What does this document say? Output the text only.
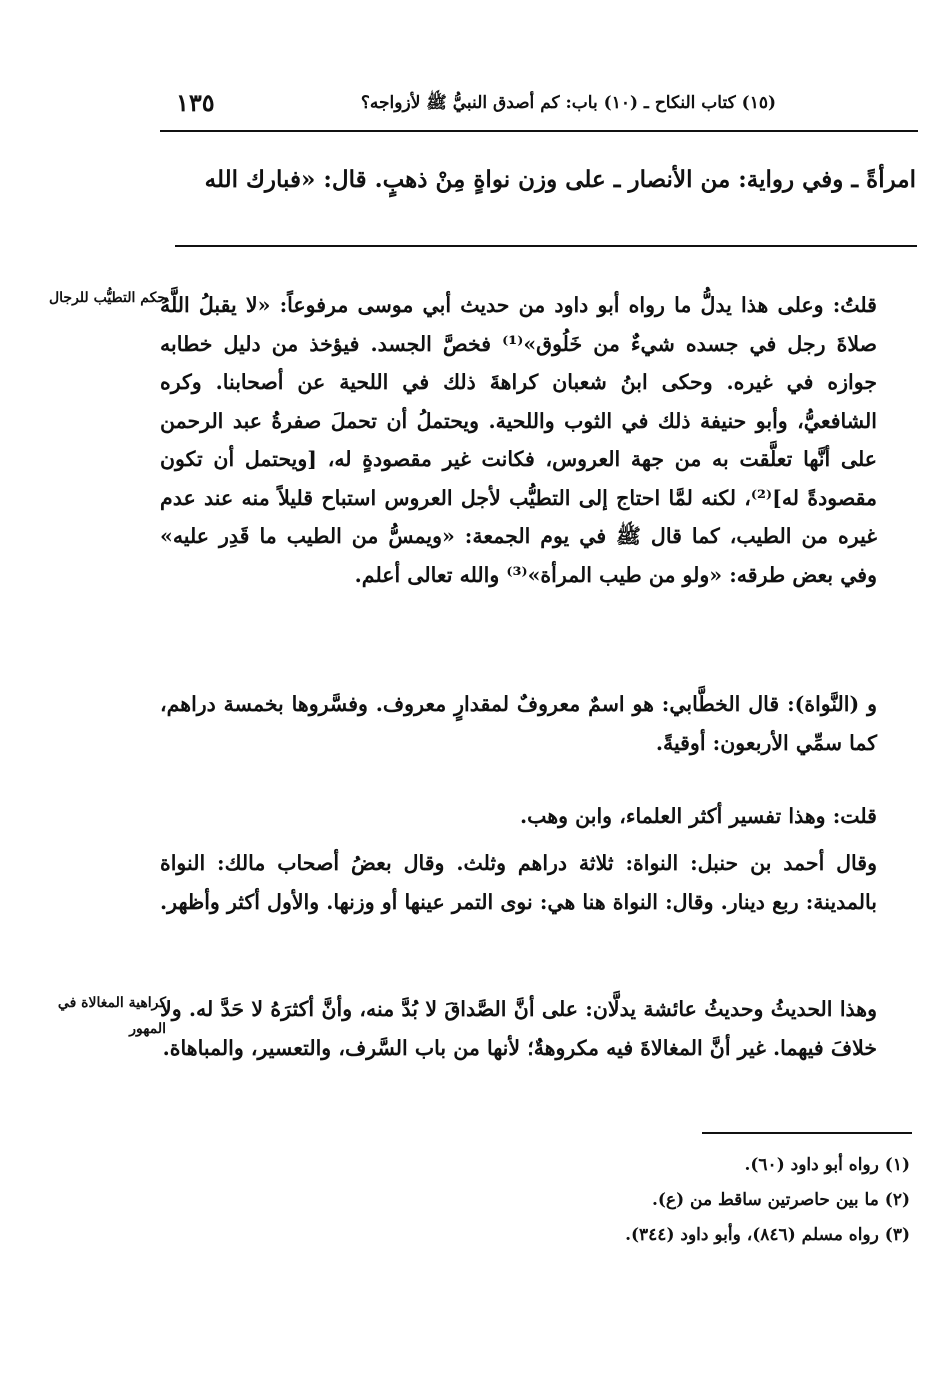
(١٥) كتاب النكاح ـ (١٠) باب: كم أصدق النبيُّ ﷺ لأزواجه؟
١٣٥
امرأةً ـ وفي رواية: من الأنصار ـ على وزن نواةٍ مِنْ ذهبٍ. قال: «فبارك الله
حكم التطيُّب للرجال
كراهية المغالاة في المهور

قلتُ: وعلى هذا يدلُّ ما رواه أبو داود من حديث أبي موسى مرفوعاً: «لا يقبلُ اللَّهُ صلاةَ رجل في جسده شيءٌ من خَلُوق»⁽¹⁾ فخصَّ الجسد. فيؤخذ من دليل خطابه جوازه في غيره. وحكى ابنُ شعبان كراهةَ ذلك في اللحية عن أصحابنا. وكره الشافعيُّ، وأبو حنيفة ذلك في الثوب واللحية. ويحتملُ أن تحملَ صفرةُ عبد الرحمن على أنَّها تعلَّقت به من جهة العروس، فكانت غير مقصودةٍ له، [ويحتمل أن تكون مقصودةً له]⁽²⁾، لكنه لمَّا احتاج إلى التطيُّب لأجل العروس استباح قليلاً منه عند عدم غيره من الطيب، كما قال ﷺ في يوم الجمعة: «ويمسُّ من الطيب ما قَدِر عليه» وفي بعض طرقه: «ولو من طيب المرأة»⁽³⁾ والله تعالى أعلم.

و (النَّواة): قال الخطَّابي: هو اسمٌ معروفٌ لمقدارٍ معروف. وفسَّروها بخمسة دراهم، كما سمِّي الأربعون: أوقيةً.

قلت: وهذا تفسير أكثر العلماء، وابن وهب.

وقال أحمد بن حنبل: النواة: ثلاثة دراهم وثلث. وقال بعضُ أصحاب مالك: النواة بالمدينة: ربع دينار. وقال: النواة هنا هي: نوى التمر عينها أو وزنها. والأول أكثر وأظهر.

وهذا الحديثُ وحديثُ عائشة يدلَّان: على أنَّ الصَّداقَ لا بُدَّ منه، وأنَّ أكثرَهُ لا حَدَّ له. ولا خلافَ فيهما. غير أنَّ المغالاةَ فيه مكروهةٌ؛ لأنها من باب السَّرف، والتعسير، والمباهاة.

(١) رواه أبو داود (٦٠).
(٢) ما بين حاصرتين ساقط من (ع).
(٣) رواه مسلم (٨٤٦)، وأبو داود (٣٤٤).
